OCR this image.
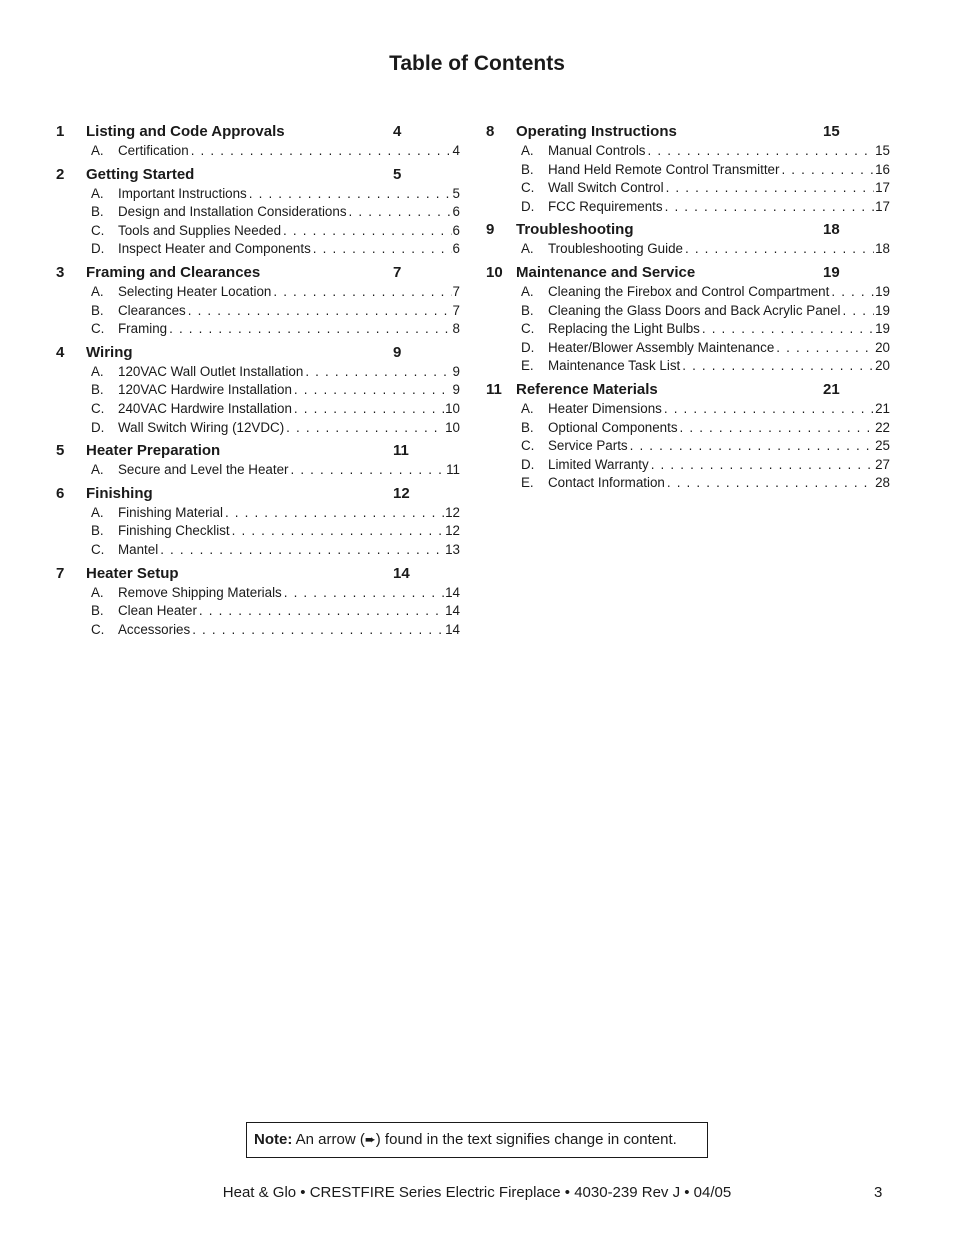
Table of Contents
1	Listing and Code Approvals	4
A.	Certification . . .	4
2	Getting Started	5
A.	Important Instructions . . .	5
B.	Design and Installation Considerations . . .	6
C.	Tools and Supplies Needed . . .	6
D.	Inspect Heater and Components . . .	6
3	Framing and Clearances	7
A.	Selecting Heater Location . . .	7
B.	Clearances . . .	7
C.	Framing . . .	8
4	Wiring	9
A.	120VAC Wall Outlet Installation . . .	9
B.	120VAC Hardwire Installation . . .	9
C.	240VAC Hardwire Installation . . .	10
D.	Wall Switch Wiring (12VDC) . . .	10
5	Heater Preparation	11
A.	Secure and Level the Heater . . .	11
6	Finishing	12
A.	Finishing Material . . .	12
B.	Finishing Checklist . . .	12
C.	Mantel . . .	13
7	Heater Setup	14
A.	Remove Shipping Materials . . .	14
B.	Clean Heater . . .	14
C.	Accessories . . .	14
8	Operating Instructions	15
A.	Manual Controls . . .	15
B.	Hand Held Remote Control Transmitter . . .	16
C.	Wall Switch Control . . .	17
D.	FCC Requirements . . .	17
9	Troubleshooting	18
A.	Troubleshooting Guide . . .	18
10 Maintenance and Service	19
A.	Cleaning the Firebox and Control Compartment . . .	19
B.	Cleaning the Glass Doors and Back Acrylic Panel . . .	19
C.	Replacing the Light Bulbs . . .	19
D.	Heater/Blower Assembly Maintenance . . .	20
E.	Maintenance Task List . . .	20
11 Reference Materials	21
A.	Heater Dimensions . . .	21
B.	Optional Components . . .	22
C.	Service Parts . . .	25
D.	Limited Warranty . . .	27
E.	Contact Information . . .	28
Note: An arrow (➨) found in the text signifies change in content.
Heat & Glo • CRESTFIRE Series Electric Fireplace • 4030-239 Rev J • 04/05	3
